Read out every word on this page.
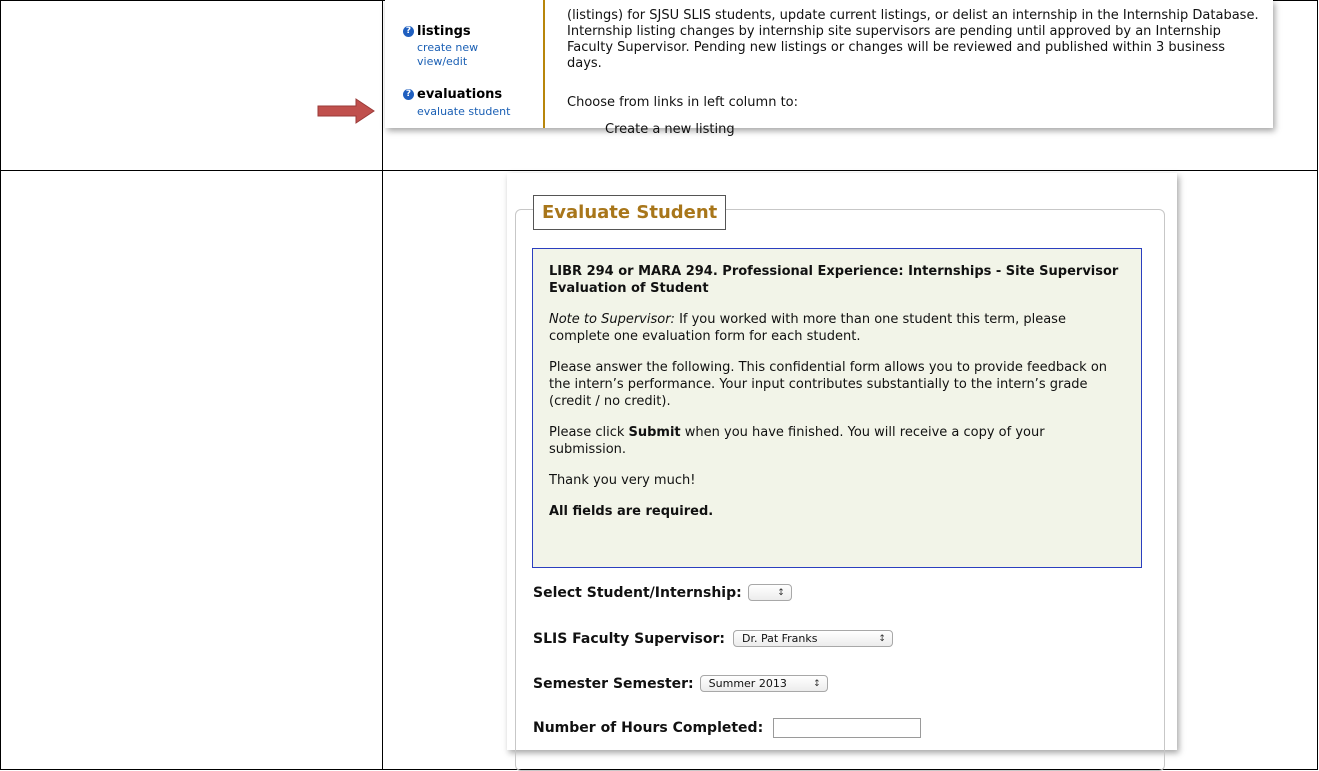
? listings
create new
view/edit
? evaluations
evaluate student
(listings) for SJSU SLIS students, update current listings, or delist an internship in the Internship Database. Internship listing changes by internship site supervisors are pending until approved by an Internship Faculty Supervisor. Pending new listings or changes will be reviewed and published within 3 business days.
Choose from links in left column to:
Create a new listing
Evaluate Student

LIBR 294 or MARA 294. Professional Experience: Internships - Site Supervisor Evaluation of Student

Note to Supervisor: If you worked with more than one student this term, please complete one evaluation form for each student.

Please answer the following. This confidential form allows you to provide feedback on the intern’s performance. Your input contributes substantially to the intern’s grade (credit / no credit).

Please click Submit when you have finished. You will receive a copy of your submission.

Thank you very much!

All fields are required.

Select Student/Internship:	↕
SLIS Faculty Supervisor: Dr. Pat Franks	↕
Semester Semester: Summer 2013	↕
Number of Hours Completed:
